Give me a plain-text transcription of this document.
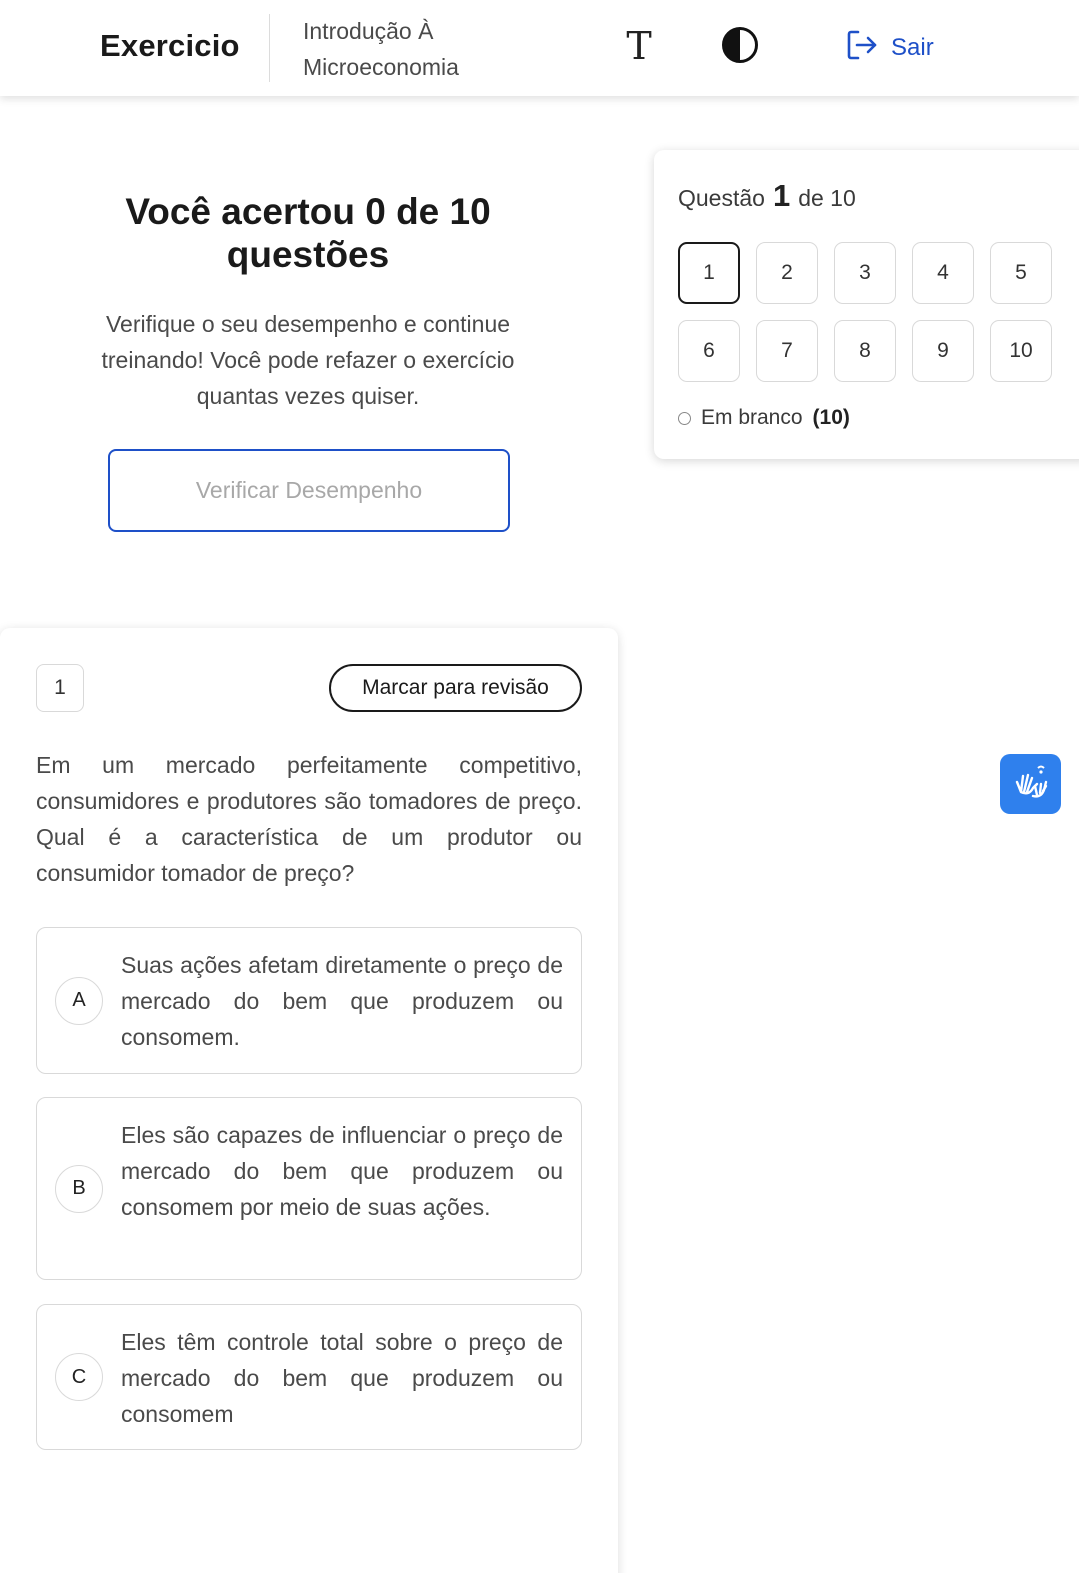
Exercicio	Introdução À
Microeconomia	T	Sair
Você acertou 0 de 10 questões
Verifique o seu desempenho e continue treinando! Você pode refazer o exercício quantas vezes quiser.
Verificar Desempenho
Questão 1 de 10
1	2	3	4	5
6	7	8	9	10
Em branco (10)
1	Marcar para revisão
Em um mercado perfeitamente competitivo, consumidores e produtores são tomadores de preço. Qual é a característica de um produtor ou consumidor tomador de preço?
A
Suas ações afetam diretamente o preço de mercado do bem que produzem ou consomem.
B
Eles são capazes de influenciar o preço de mercado do bem que produzem ou consomem por meio de suas ações.
C
Eles têm controle total sobre o preço de mercado do bem que produzem ou consomem
